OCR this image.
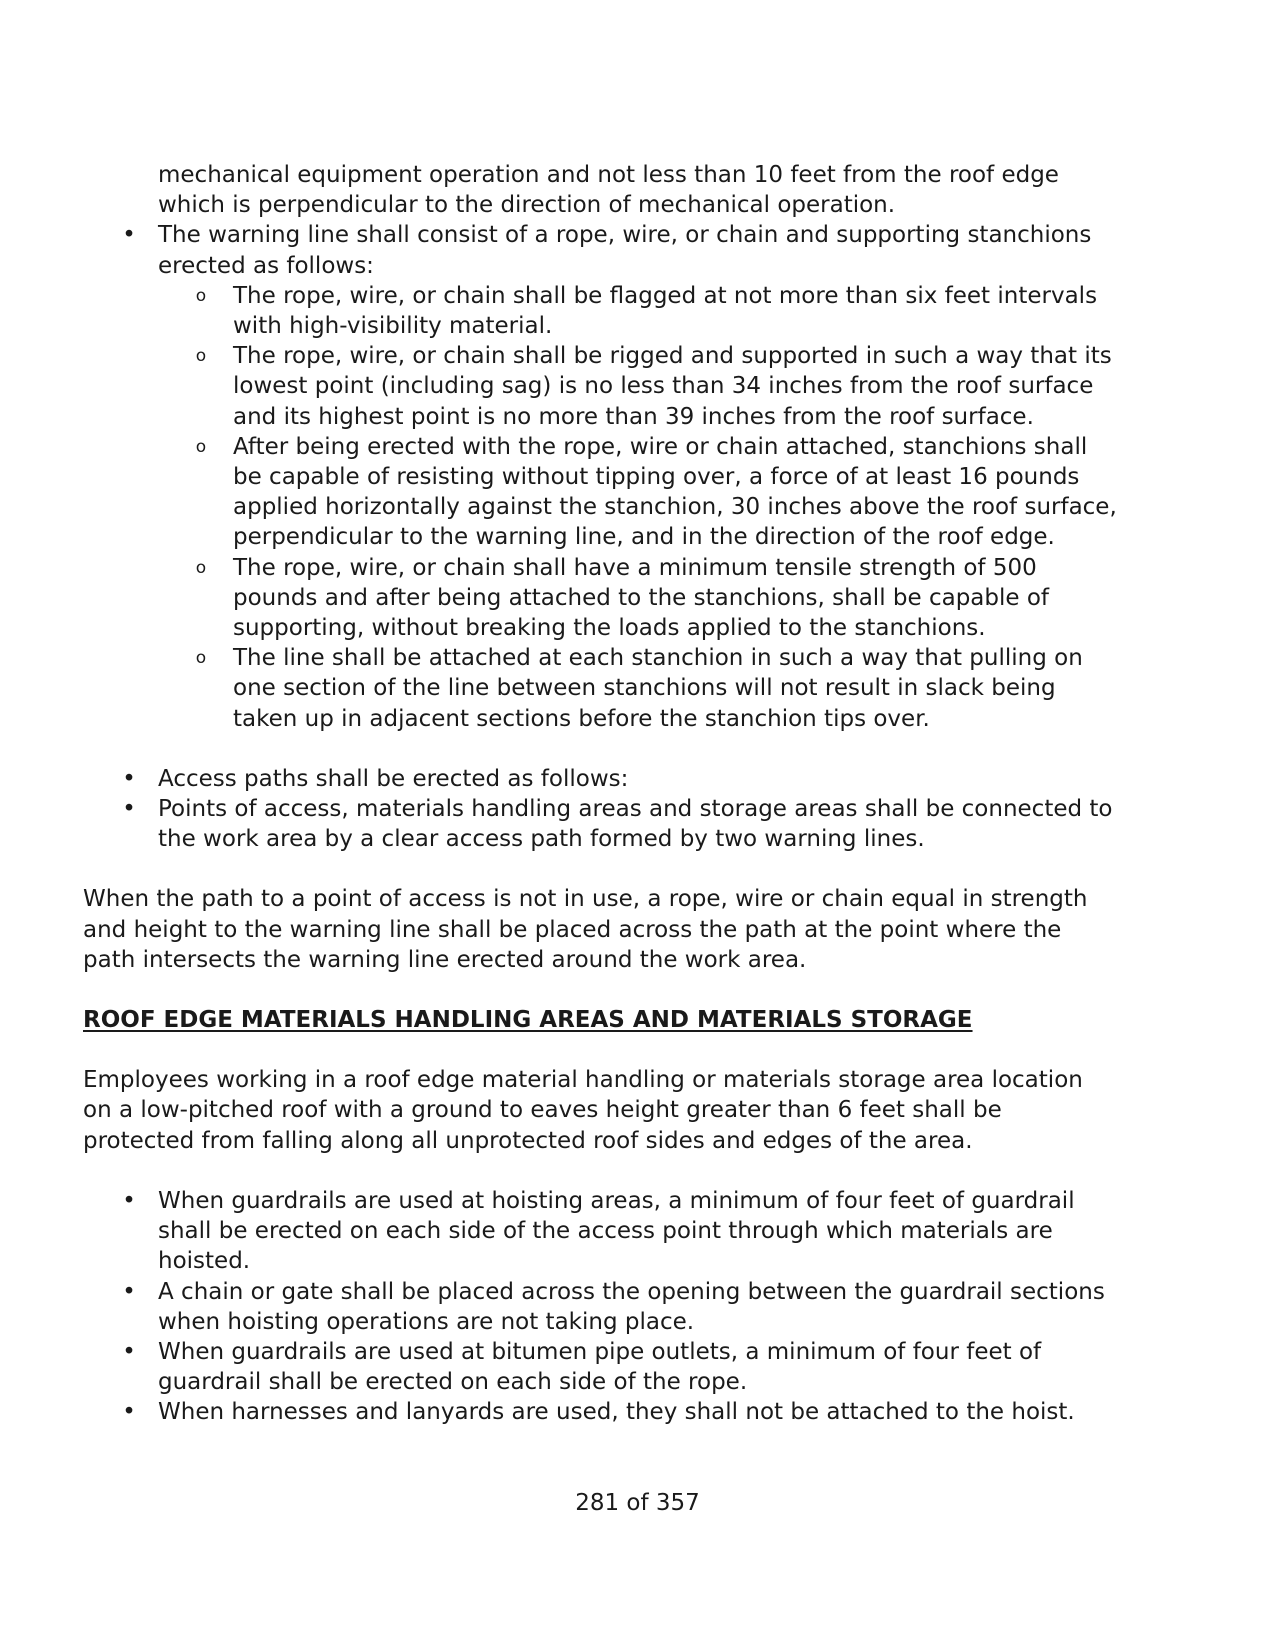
mechanical equipment operation and not less than 10 feet from the roof edge
which is perpendicular to the direction of mechanical operation.
• The warning line shall consist of a rope, wire, or chain and supporting stanchions
erected as follows:
o The rope, wire, or chain shall be flagged at not more than six feet intervals
with high-visibility material.
o The rope, wire, or chain shall be rigged and supported in such a way that its
lowest point (including sag) is no less than 34 inches from the roof surface
and its highest point is no more than 39 inches from the roof surface.
o After being erected with the rope, wire or chain attached, stanchions shall
be capable of resisting without tipping over, a force of at least 16 pounds
applied horizontally against the stanchion, 30 inches above the roof surface,
perpendicular to the warning line, and in the direction of the roof edge.
o The rope, wire, or chain shall have a minimum tensile strength of 500
pounds and after being attached to the stanchions, shall be capable of
supporting, without breaking the loads applied to the stanchions.
o The line shall be attached at each stanchion in such a way that pulling on
one section of the line between stanchions will not result in slack being
taken up in adjacent sections before the stanchion tips over.
• Access paths shall be erected as follows:
• Points of access, materials handling areas and storage areas shall be connected to
the work area by a clear access path formed by two warning lines.
When the path to a point of access is not in use, a rope, wire or chain equal in strength
and height to the warning line shall be placed across the path at the point where the
path intersects the warning line erected around the work area.
ROOF EDGE MATERIALS HANDLING AREAS AND MATERIALS STORAGE
Employees working in a roof edge material handling or materials storage area location
on a low-pitched roof with a ground to eaves height greater than 6 feet shall be
protected from falling along all unprotected roof sides and edges of the area.
• When guardrails are used at hoisting areas, a minimum of four feet of guardrail
shall be erected on each side of the access point through which materials are
hoisted.
• A chain or gate shall be placed across the opening between the guardrail sections
when hoisting operations are not taking place.
• When guardrails are used at bitumen pipe outlets, a minimum of four feet of
guardrail shall be erected on each side of the rope.
• When harnesses and lanyards are used, they shall not be attached to the hoist.
281 of 357
